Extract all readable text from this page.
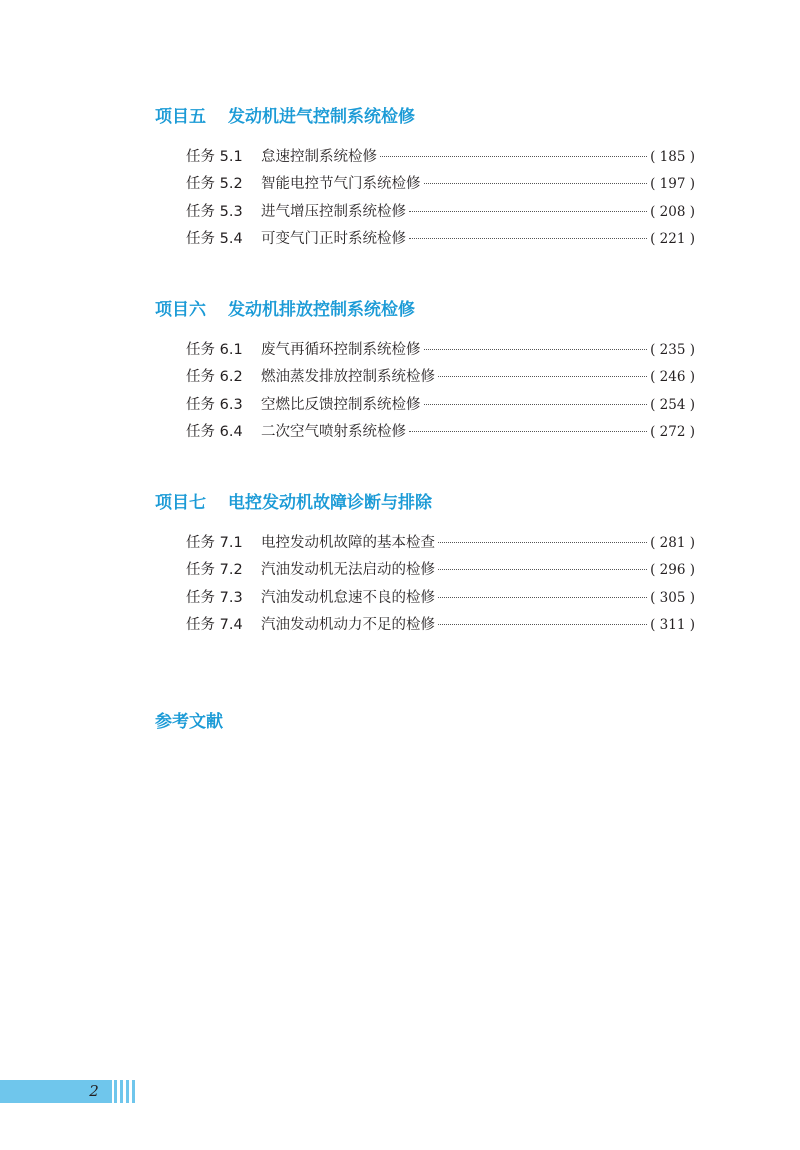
项目五 发动机进气控制系统检修
任务 5.1	怠速控制系统检修	( 185 )
任务 5.2	智能电控节气门系统检修	( 197 )
任务 5.3	进气增压控制系统检修	( 208 )
任务 5.4	可变气门正时系统检修	( 221 )
项目六 发动机排放控制系统检修
任务 6.1	废气再循环控制系统检修	( 235 )
任务 6.2	燃油蒸发排放控制系统检修	( 246 )
任务 6.3	空燃比反馈控制系统检修	( 254 )
任务 6.4	二次空气喷射系统检修	( 272 )
项目七 电控发动机故障诊断与排除
任务 7.1	电控发动机故障的基本检查	( 281 )
任务 7.2	汽油发动机无法启动的检修	( 296 )
任务 7.3	汽油发动机怠速不良的检修	( 305 )
任务 7.4	汽油发动机动力不足的检修	( 311 )
参考文献
2
